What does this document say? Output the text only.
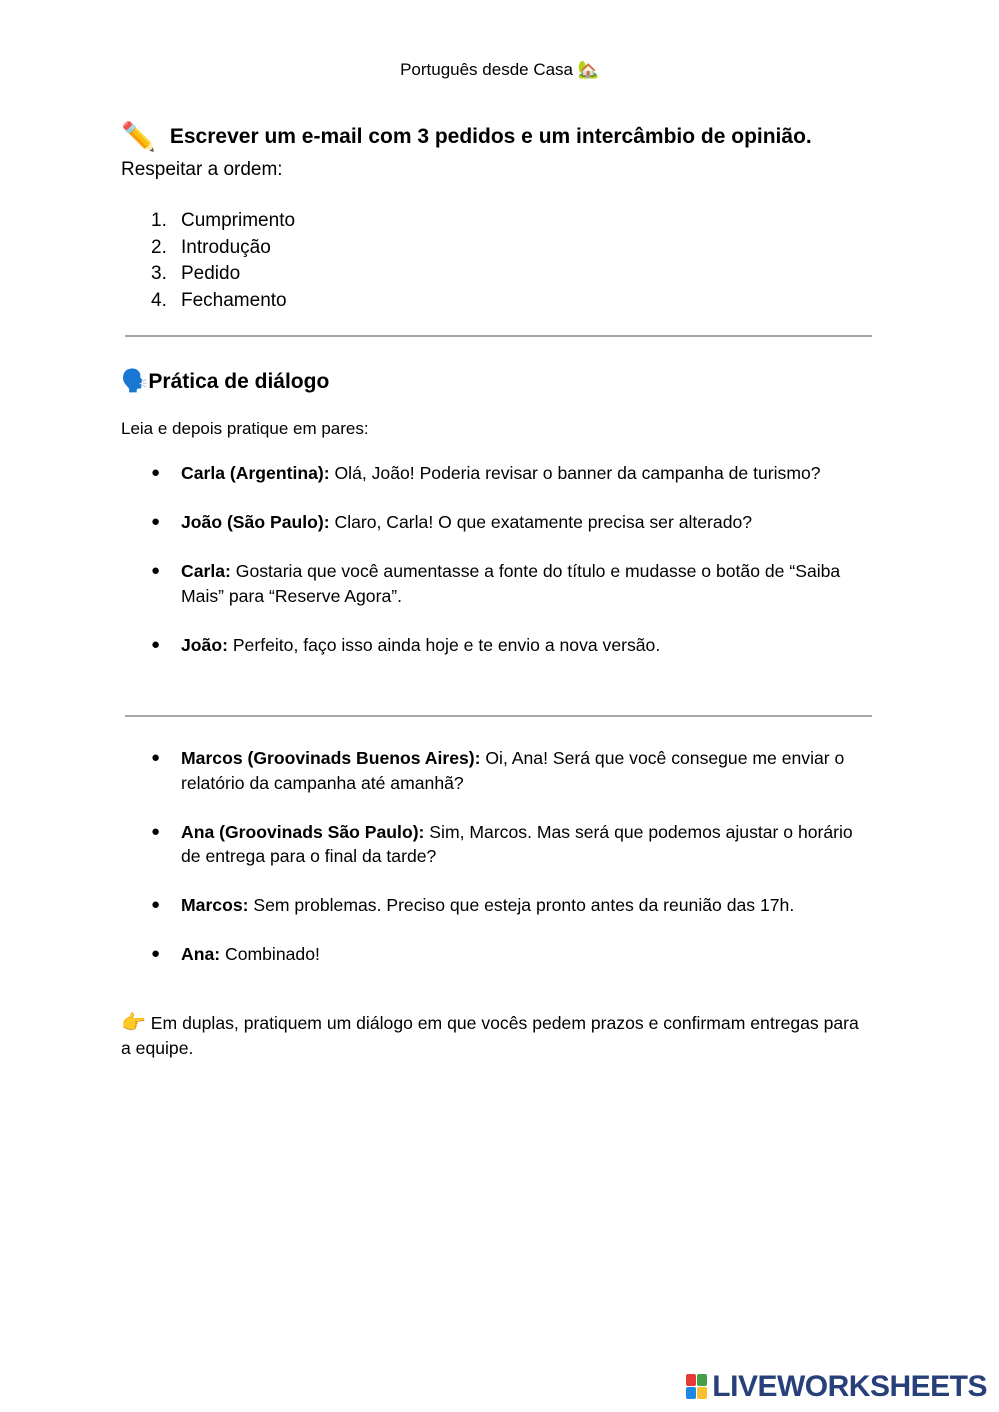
Português desde Casa 🏡
✏️ Escrever um e-mail com 3 pedidos e um intercâmbio de opinião.
Respeitar a ordem:
1. Cumprimento
2. Introdução
3. Pedido
4. Fechamento
🗣️Prática de diálogo
Leia e depois pratique em pares:
● Carla (Argentina): Olá, João! Poderia revisar o banner da campanha de turismo?
● João (São Paulo): Claro, Carla! O que exatamente precisa ser alterado?
● Carla: Gostaria que você aumentasse a fonte do título e mudasse o botão de “Saiba Mais” para “Reserve Agora”.
● João: Perfeito, faço isso ainda hoje e te envio a nova versão.
● Marcos (Groovinads Buenos Aires): Oi, Ana! Será que você consegue me enviar o relatório da campanha até amanhã?
● Ana (Groovinads São Paulo): Sim, Marcos. Mas será que podemos ajustar o horário de entrega para o final da tarde?
● Marcos: Sem problemas. Preciso que esteja pronto antes da reunião das 17h.
● Ana: Combinado!
👉 Em duplas, pratiquem um diálogo em que vocês pedem prazos e confirmam entregas para a equipe.
LIVEWORKSHEETS
